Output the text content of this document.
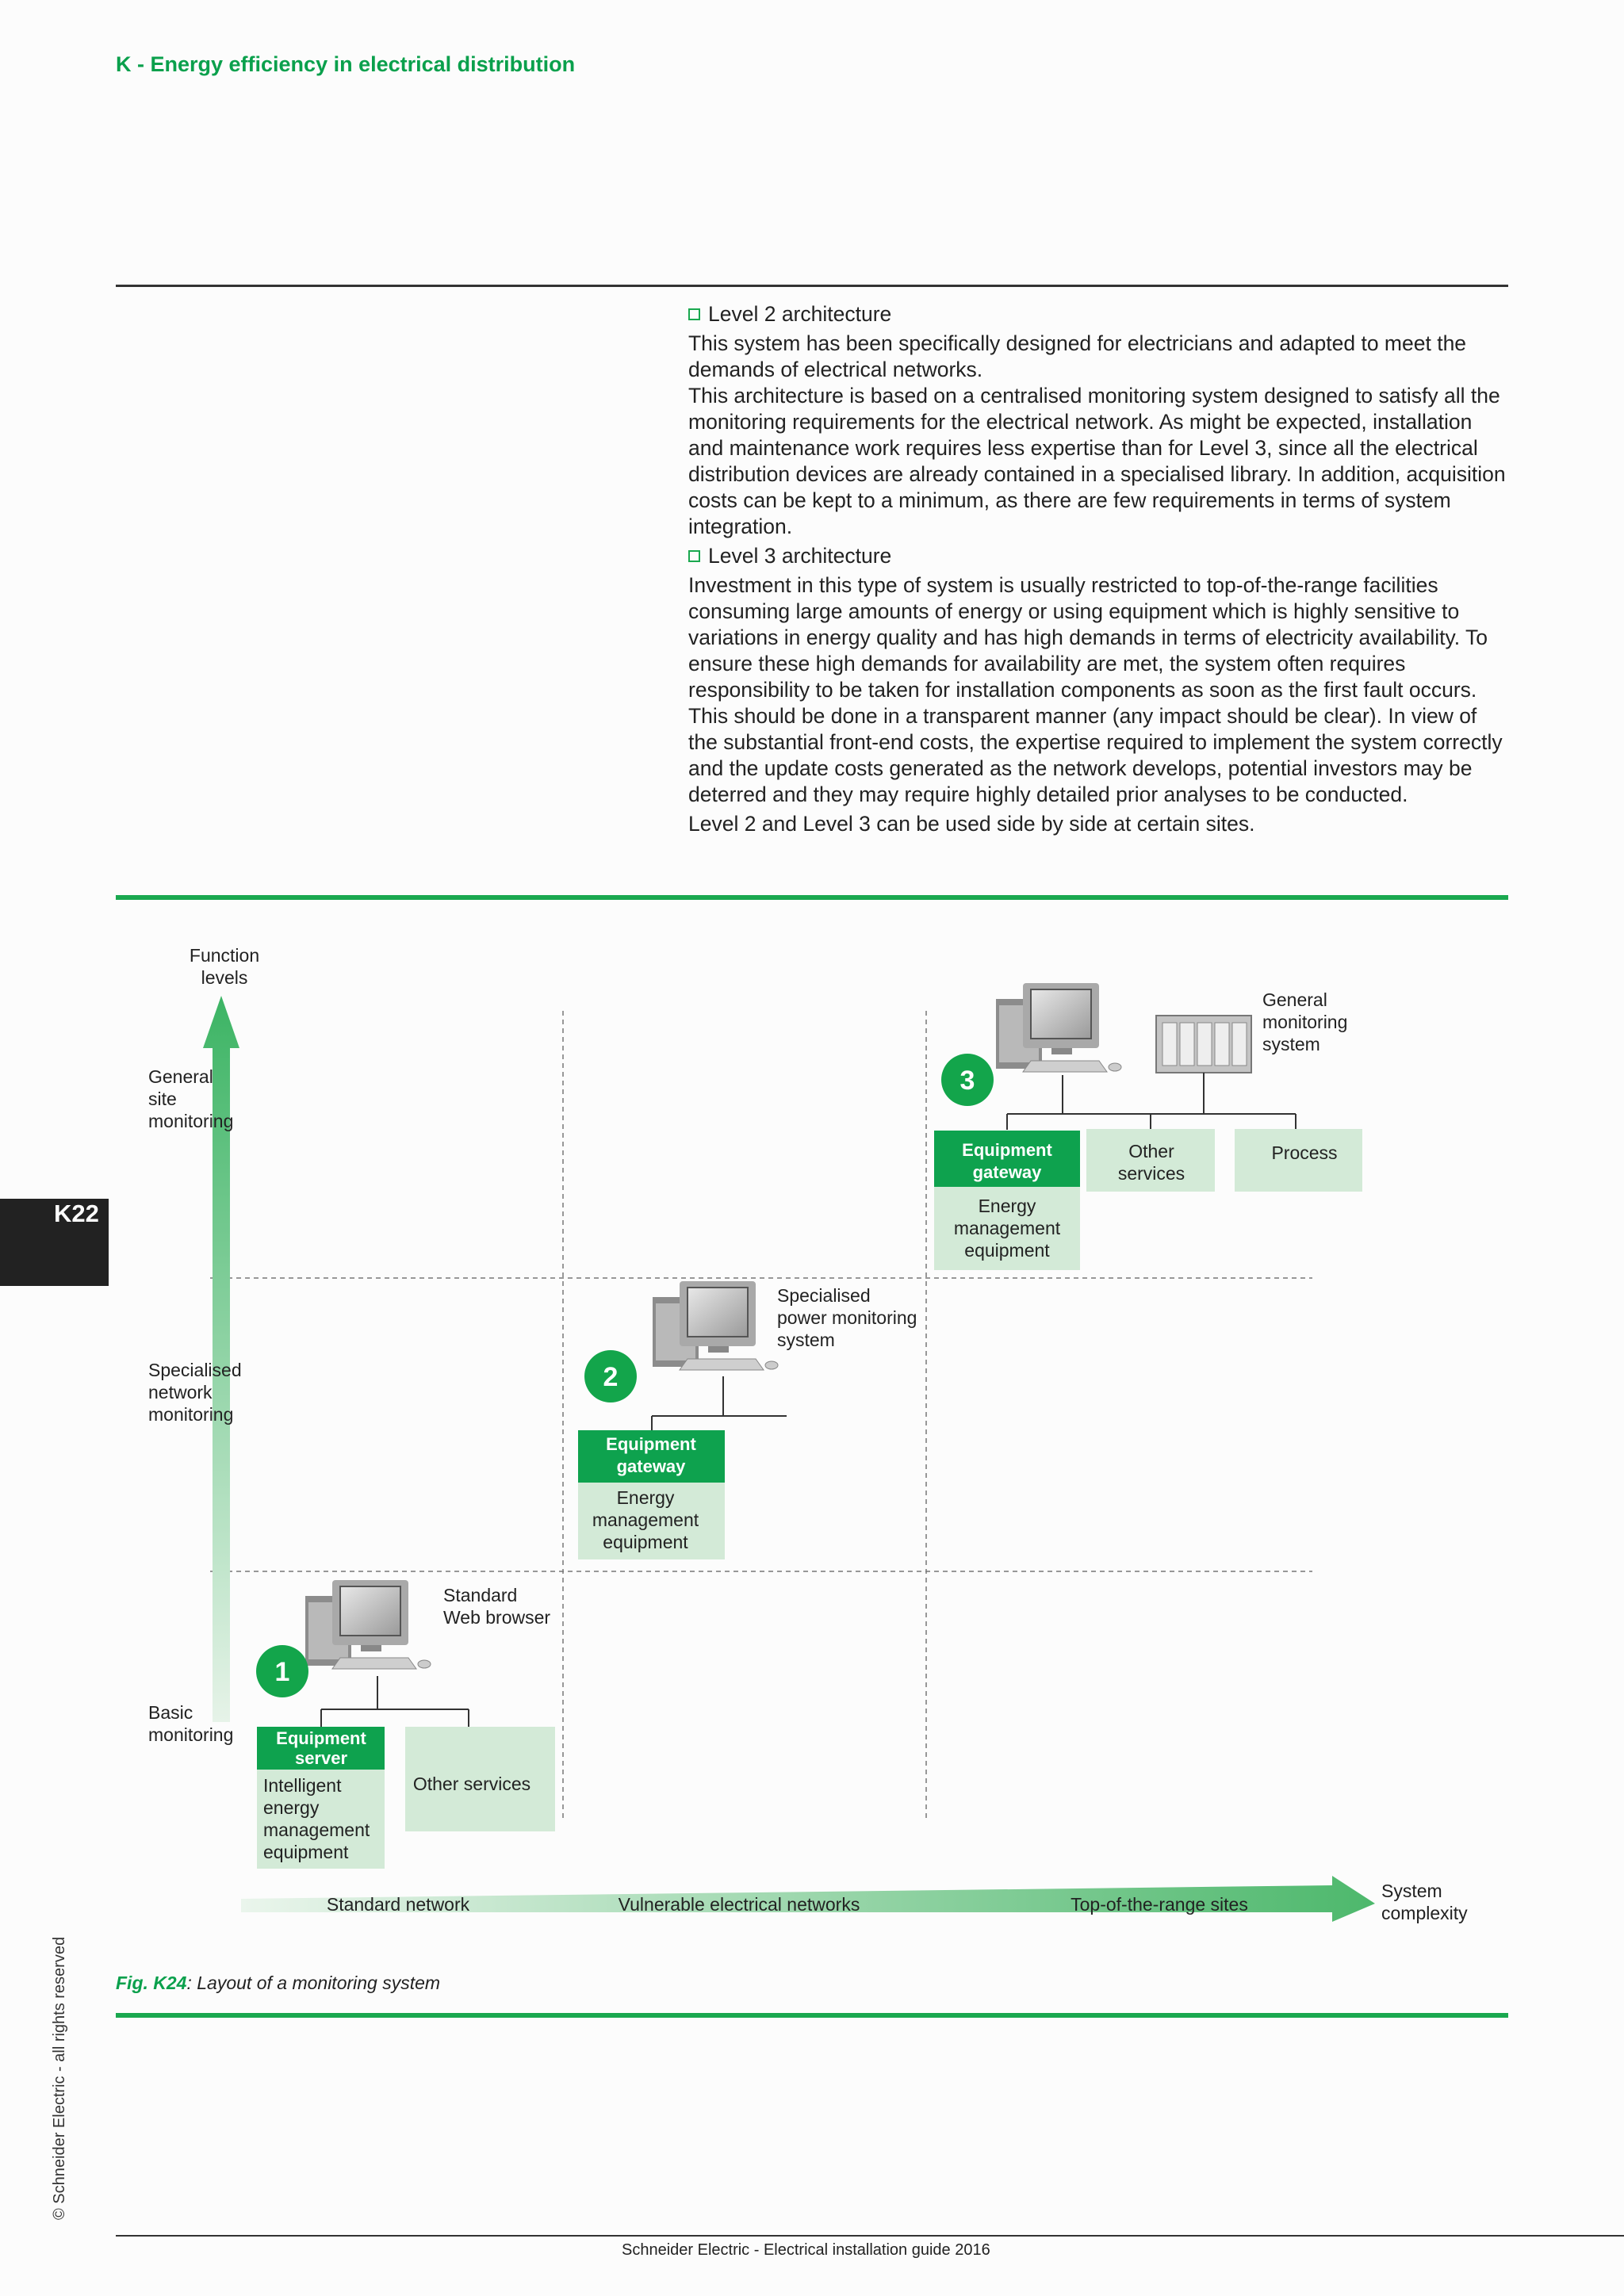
K - Energy efficiency in electrical distribution
Level 2 architecture

This system has been specifically designed for electricians and adapted to meet the demands of electrical networks.

This architecture is based on a centralised monitoring system designed to satisfy all the monitoring requirements for the electrical network. As might be expected, installation and maintenance work requires less expertise than for Level 3, since all the electrical distribution devices are already contained in a specialised library. In addition, acquisition costs can be kept to a minimum, as there are few requirements in terms of system integration.

Level 3 architecture

Investment in this type of system is usually restricted to top-of-the-range facilities consuming large amounts of energy or using equipment which is highly sensitive to variations in energy quality and has high demands in terms of electricity availability. To ensure these high demands for availability are met, the system often requires responsibility to be taken for installation components as soon as the first fault occurs. This should be done in a transparent manner (any impact should be clear). In view of the substantial front-end costs, the expertise required to implement the system correctly and the update costs generated as the network develops, potential investors may be deterred and they may require highly detailed prior analyses to be conducted.

Level 2 and Level 3 can be used side by side at certain sites.

K22
Function
levels
General
site
monitoring
Specialised
network
monitoring
Basic
monitoring
Standard network	Vulnerable electrical networks	Top-of-the-range sites
System
complexity
Standard
Web browser
1
Equipment
server
Intelligent
energy
management
equipment
Other services
Specialised
power monitoring
system
2
Equipment
gateway
Energy
management
equipment
General
monitoring
system
3
Equipment
gateway
Energy
management
equipment
Other
services
Process
Fig. K24: Layout of a monitoring system
© Schneider Electric - all rights reserved
Schneider Electric - Electrical installation guide 2016
